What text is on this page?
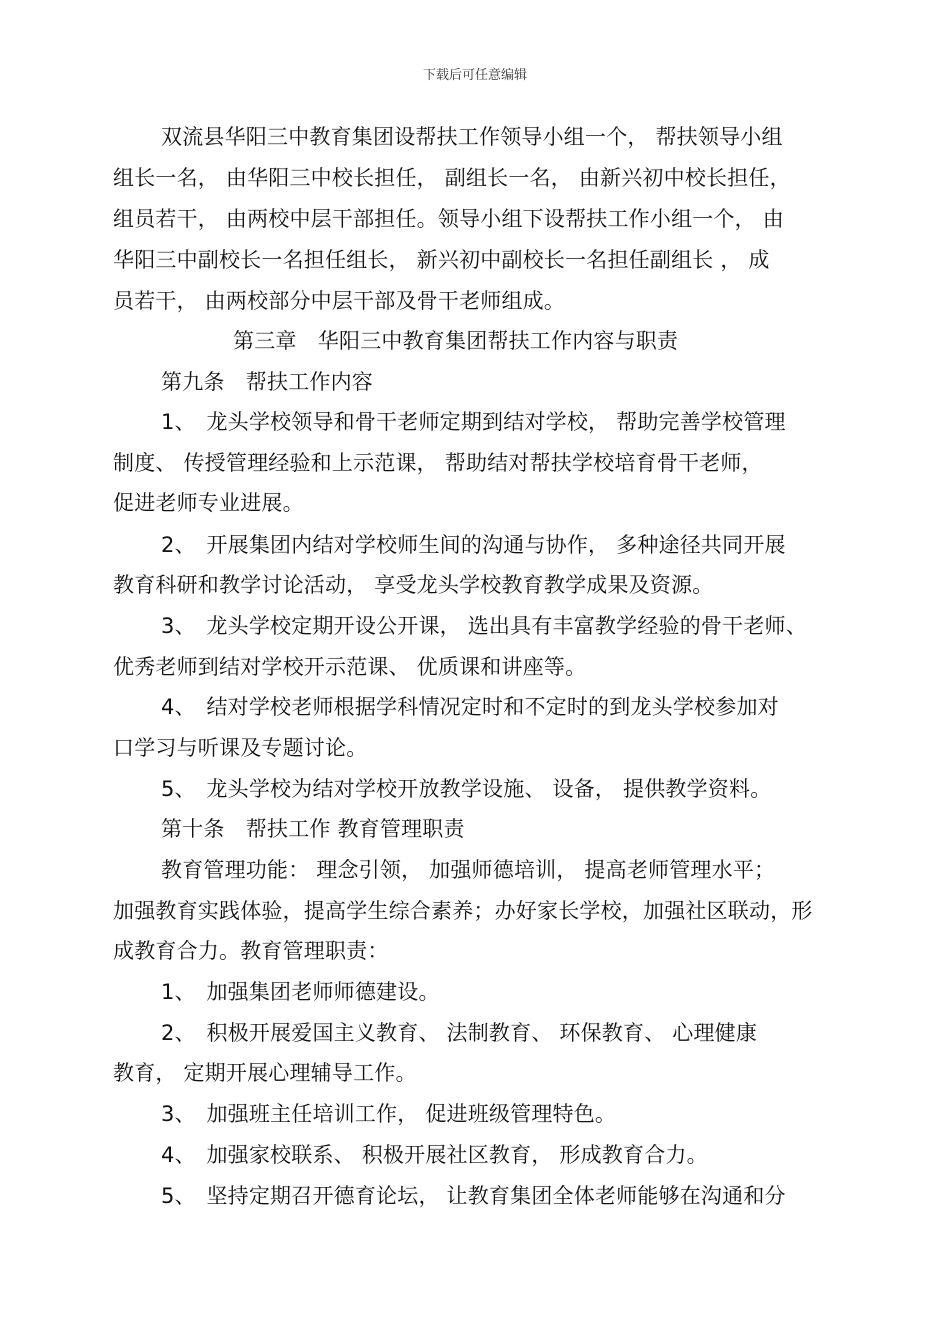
下载后可任意编辑
双流县华阳三中教育集团设帮扶工作领导小组一个， 帮扶领导小组
组长一名， 由华阳三中校长担任， 副组长一名， 由新兴初中校长担任，
组员若干， 由两校中层干部担任。领导小组下设帮扶工作小组一个， 由
华阳三中副校长一名担任组长， 新兴初中副校长一名担任副组长 ， 成
员若干， 由两校部分中层干部及骨干老师组成。
第三章　华阳三中教育集团帮扶工作内容与职责
第九条　帮扶工作内容
1、　龙头学校领导和骨干老师定期到结对学校， 帮助完善学校管理
制度、 传授管理经验和上示范课， 帮助结对帮扶学校培育骨干老师，
促进老师专业进展。
2、　开展集团内结对学校师生间的沟通与协作， 多种途径共同开展
教育科研和教学讨论活动， 享受龙头学校教育教学成果及资源。
3、　龙头学校定期开设公开课， 选出具有丰富教学经验的骨干老师、
优秀老师到结对学校开示范课、 优质课和讲座等。
4、　结对学校老师根据学科情况定时和不定时的到龙头学校参加对
口学习与听课及专题讨论。
5、　龙头学校为结对学校开放教学设施、 设备， 提供教学资料。
第十条　帮扶工作 教育管理职责
教育管理功能： 理念引领， 加强师德培训， 提高老师管理水平；
加强教育实践体验，提高学生综合素养；办好家长学校，加强社区联动，形
成教育合力。教育管理职责：
1、　加强集团老师师德建设。
2、　积极开展爱国主义教育、 法制教育、 环保教育、 心理健康
教育， 定期开展心理辅导工作。
3、　加强班主任培训工作， 促进班级管理特色。
4、　加强家校联系、 积极开展社区教育， 形成教育合力。
5、　坚持定期召开德育论坛， 让教育集团全体老师能够在沟通和分
